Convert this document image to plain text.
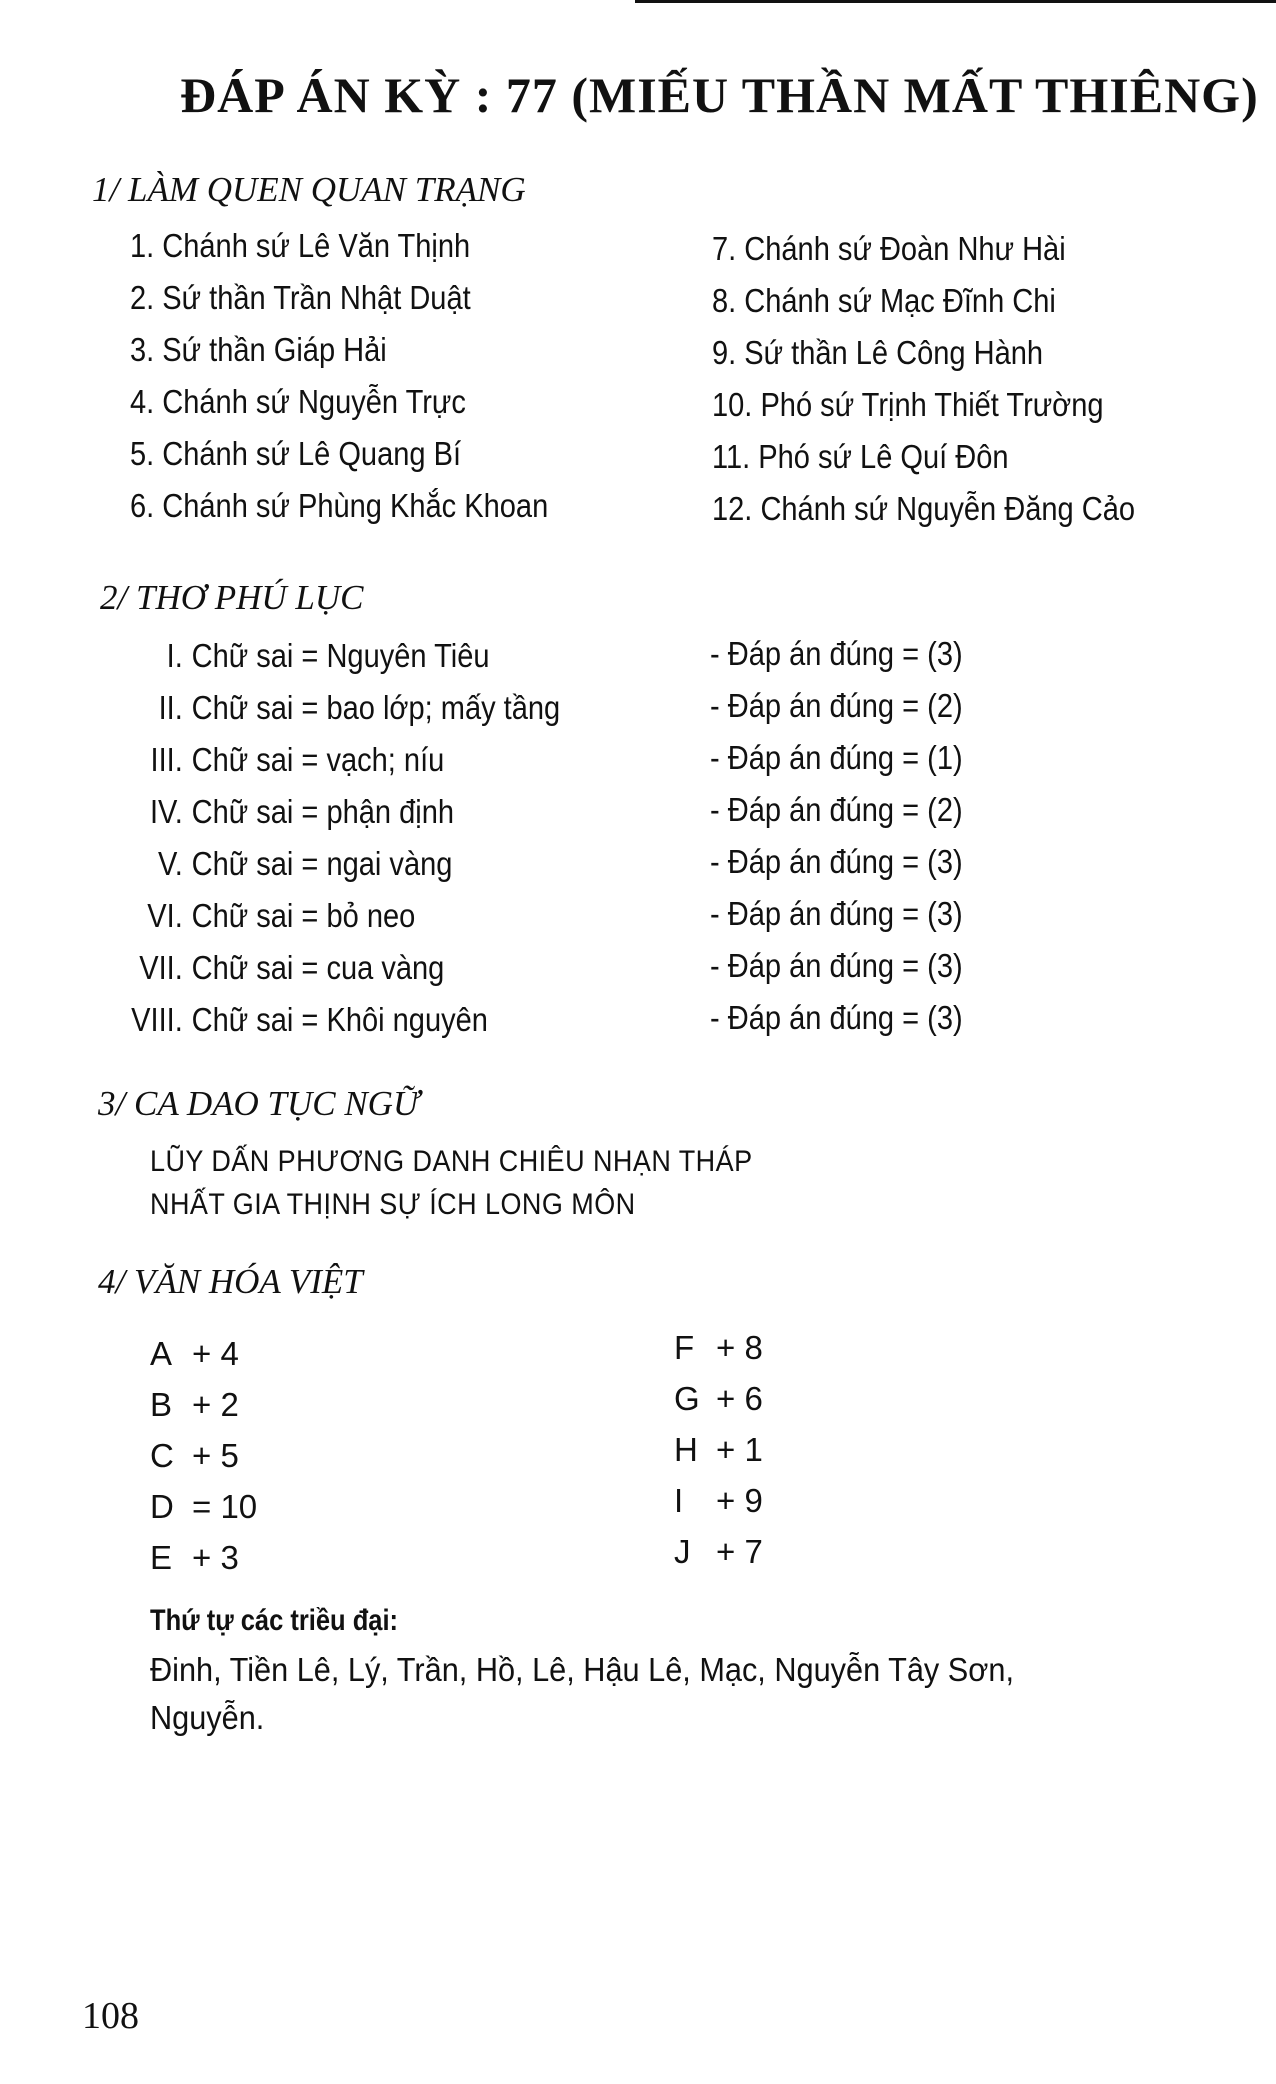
ĐÁP ÁN KỲ : 77 (MIẾU THẦN MẤT THIÊNG)
1/ LÀM QUEN QUAN TRẠNG
1. Chánh sứ Lê Văn Thịnh
2. Sứ thần Trần Nhật Duật
3. Sứ thần Giáp Hải
4. Chánh sứ Nguyễn Trực
5. Chánh sứ Lê Quang Bí
6. Chánh sứ Phùng Khắc Khoan
7. Chánh sứ Đoàn Như Hài
8. Chánh sứ Mạc Đĩnh Chi
9. Sứ thần Lê Công Hành
10. Phó sứ Trịnh Thiết Trường
11. Phó sứ Lê Quí Đôn
12. Chánh sứ Nguyễn Đăng Cảo
2/ THƠ PHÚ LỤC
I. Chữ sai = Nguyên Tiêu
II. Chữ sai = bao lớp; mấy tầng
III. Chữ sai = vạch; níu
IV. Chữ sai = phận định
V. Chữ sai = ngai vàng
VI. Chữ sai = bỏ neo
VII. Chữ sai = cua vàng
VIII. Chữ sai = Khôi nguyên
- Đáp án đúng = (3)
- Đáp án đúng = (2)
- Đáp án đúng = (1)
- Đáp án đúng = (2)
- Đáp án đúng = (3)
- Đáp án đúng = (3)
- Đáp án đúng = (3)
- Đáp án đúng = (3)
3/ CA DAO TỤC NGỮ
LŨY DẤN PHƯƠNG DANH CHIÊU NHẠN THÁP
NHẤT GIA THỊNH SỰ ÍCH LONG MÔN
4/ VĂN HÓA VIỆT
A + 4
B + 2
C + 5
D = 10
E + 3
F + 8
G + 6
H + 1
I + 9
J + 7
Thứ tự các triều đại:
Đinh, Tiền Lê, Lý, Trần, Hồ, Lê, Hậu Lê, Mạc, Nguyễn Tây Sơn, Nguyễn.
108
